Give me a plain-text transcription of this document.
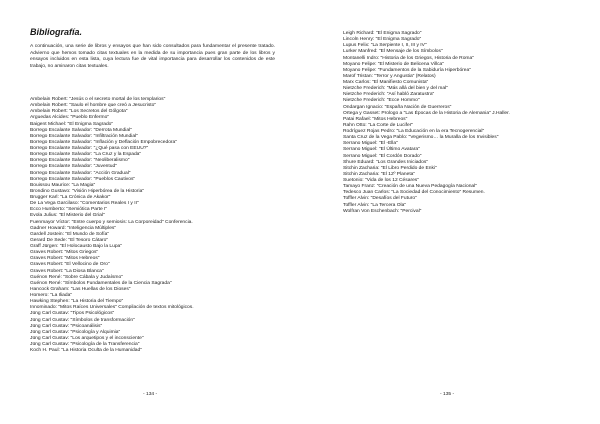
Bibliografía.

A continuación, una serie de libros y ensayos que han sido consultados para fundamentar el presente tratado. Advierno que hemos tomado citas textuales en la medida de su importancia pues gran parte de los libros y ensayos incluidos en esta lista, cuya lectura fue de vital importancia para desarrollar los contenidos de este trabajo, no aminaron citas textuales.

Ambelain Robert: "Jesús o el secreto mortal de los templarios"
Ambelain Robert: "Saulo el hombre que creó a Jesucristo"
Ambelain Robert: "Los Secretos del Gólgota"
Arguedas Alcides: "Pueblo Enfermo"
Baigent Michael: "El Enigma Sagrado"
Borrego Escalante Salvador: "Derrota Mundial"
Borrego Escalante Salvador: "Infiltración Mundial"
Borrego Escalante Salvador: "Inflación y Deflación Empobrecedora"
Borrego Escalante Salvador: "¿Qué pasa con EEUU?"
Borrego Escalante Salvador: "La Cruz y la Espada"
Borrego Escalante Salvador: "Neoliberalismo"
Borrego Escalante Salvador: "Juventud"
Borrego Escalante Salvador: "Acción Gradual"
Borrego Escalante Salvador: "Pueblos Cautivos"
Bouissou Maurice: "La Magia"
Brondino Gustavo: "Visión Hiperbórea de la Historia"
Brugger Karl: "La Crónica de Akakor"
De La Vega Garcilaso: "Comentarios Reales I y II"
Ecco Humberto: "Semiótica Parte I"
Evola Julius: "El Misterio del Grial"
Fuenmayor Víctor: "Entre cuerpo y semiosis: La Corporeidad" Conferencia.
Gadner Howard: "Inteligencia Múltiples"
Gardell Jostein: "El Mundo de Sofía"
Gerard De Sede: "El Tesoro Cátaro"
Graff Jürgen: "El Holocausto Bajo la Lupa"
Graves Robert: "Mitos Griegos"
Graves Robert: "Mitos Hebreos"
Graves Robert: "El Vellocino de Oro"
Graves Robert: "La Diosa Blanca"
Guénon René: "Sobre Cábala y Judaísmo"
Guénon René: "Símbolos Fundamentales de la Ciencia Sagrada"
Hancock Graham: "Las Huellas de los Dioses"
Homero: "La Iliada"
Hawking Stephen: "La Historia del Tiempo"
Innominado: "Mitos Raíces Universales" Compilación de textos mitológicos.
Jüng Carl Gustav: "Tipos Psicológicos"
Jüng Carl Gustav: "Símbolos de transformación"
Jüng Carl Gustav: "Psicoanálisis"
Jüng Carl Gustav: "Psicología y Alquimia"
Jüng Carl Gustav: "Los arquetipos y el inconsciente"
Jüng Carl Gustav: "Psicología de la Transferencia"
Koch H. Paul: "La Historia Oculta de la Humanidad"
- 134 -
Leigh Richard: "El Enigma Sagrado"
Lincoln Henry: "El Enigma Sagrado"
Lupus Felix: "La Serpiente I, II, III y IV"
Lurker Manfred: "El Mensaje de los Símbolos"
Montanelli Indro: "Historia de los Griegos, Historia de Roma"
Moyano Felipe: "El Misterio de Belicena Villca"
Moyano Felipe: "Fundamentos de la Sabiduría Hiperbórea"
Marof Tristan: "Terror y Angustia" (Relatos)
Marx Carlos: "El Manifiesto Comunista"
Nietzche Frederich: "Más allá del bien y del mal"
Nietzche Frederich: "Así habló Zaratustra"
Nietzche Frederich: "Ecce Hommo"
Ondargan Ignacio: "España Nación de Guerreros"
Ortega y Gasset: Prologo a "Las Épocas de la Historia de Alemania" J.Haller.
Patai Rafael: "Mitos Hebreos"
Rahn Otto: "La Corte de Lucifer"
Rodríguez Rojas Pedro: "La Educación en la era Tecnogerencial"
Santa Cruz de la Vega Pablo: "Vegerismo… la Muralla de los Invisibles"
Serrano Miguel: "El -Ella"
Serrano Miguel: "El Último Avatara"
Serrano Miguel: "El Cordón Dorado"
Shure Eduard: "Los Grandes Iniciados"
Sitchin Zacharia: "El Libro Perdido de Enki"
Sitchin Zacharia: "El 12º Planeta"
Suetonio: "Vida de los 12 Césares"
Tamayo Franz: "Creación de una Nueva Pedagogía Nacional"
Tedesco Juan Carlos: "La Sociedad del Conocimiento" Resumen.
Toffler Alvin: "Desafíos del Futuro"
Toffler Alvin: "La Tercera Ola"
Wolfran Von Eschenbach: "Percival"
- 135 -
